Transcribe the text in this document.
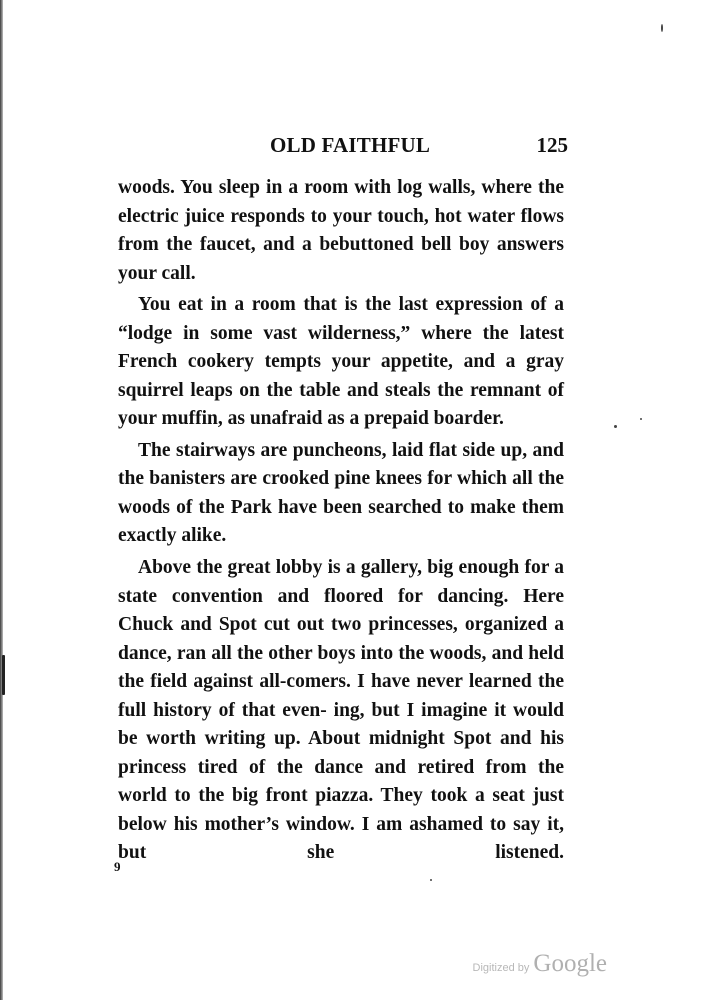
OLD FAITHFUL	125

woods. You sleep in a room with log walls, where the electric juice responds to your touch, hot water flows from the faucet, and a bebuttoned bell boy answers your call.

You eat in a room that is the last expression of a “lodge in some vast wilderness,” where the latest French cookery tempts your appetite, and a gray squirrel leaps on the table and steals the remnant of your muffin, as unafraid as a prepaid boarder.

The stairways are puncheons, laid flat side up, and the banisters are crooked pine knees for which all the woods of the Park have been searched to make them exactly alike.

Above the great lobby is a gallery, big enough for a state convention and floored for dancing. Here Chuck and Spot cut out two princesses, organized a dance, ran all the other boys into the woods, and held the field against all-comers. I have never learned the full history of that even- ing, but I imagine it would be worth writing up. About midnight Spot and his princess tired of the dance and retired from the world to the big front piazza. They took a seat just below his mother’s window. I am ashamed to say it, but she listened.

9
Digitized by Google
